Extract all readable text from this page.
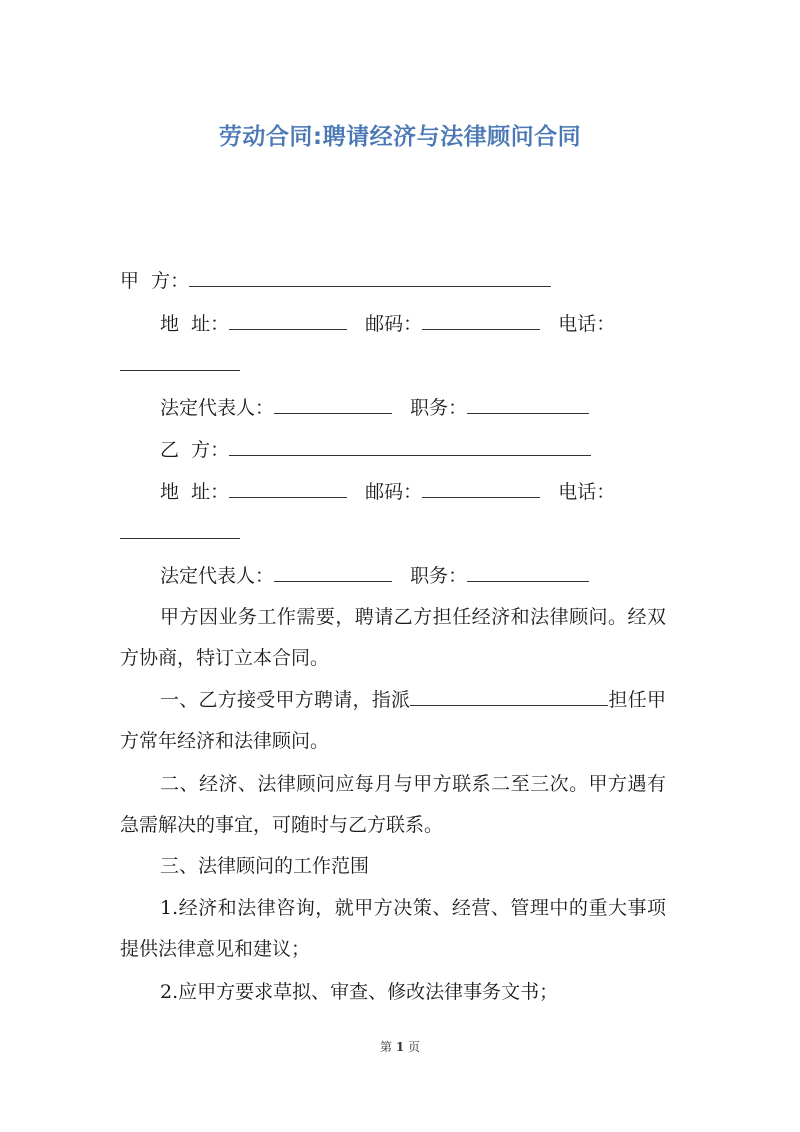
劳动合同:聘请经济与法律顾问合同
甲  方：
地  址：	邮码：	电话：
法定代表人：	职务：
乙  方：
地  址：	邮码：	电话：
法定代表人：	职务：
甲方因业务工作需要，聘请乙方担任经济和法律顾问。经双方协商，特订立本合同。
一、乙方接受甲方聘请，指派	担任甲方常年经济和法律顾问。
二、经济、法律顾问应每月与甲方联系二至三次。甲方遇有急需解决的事宜，可随时与乙方联系。
三、法律顾问的工作范围
1.经济和法律咨询，就甲方决策、经营、管理中的重大事项提供法律意见和建议；
2.应甲方要求草拟、审查、修改法律事务文书；
第 1 页
